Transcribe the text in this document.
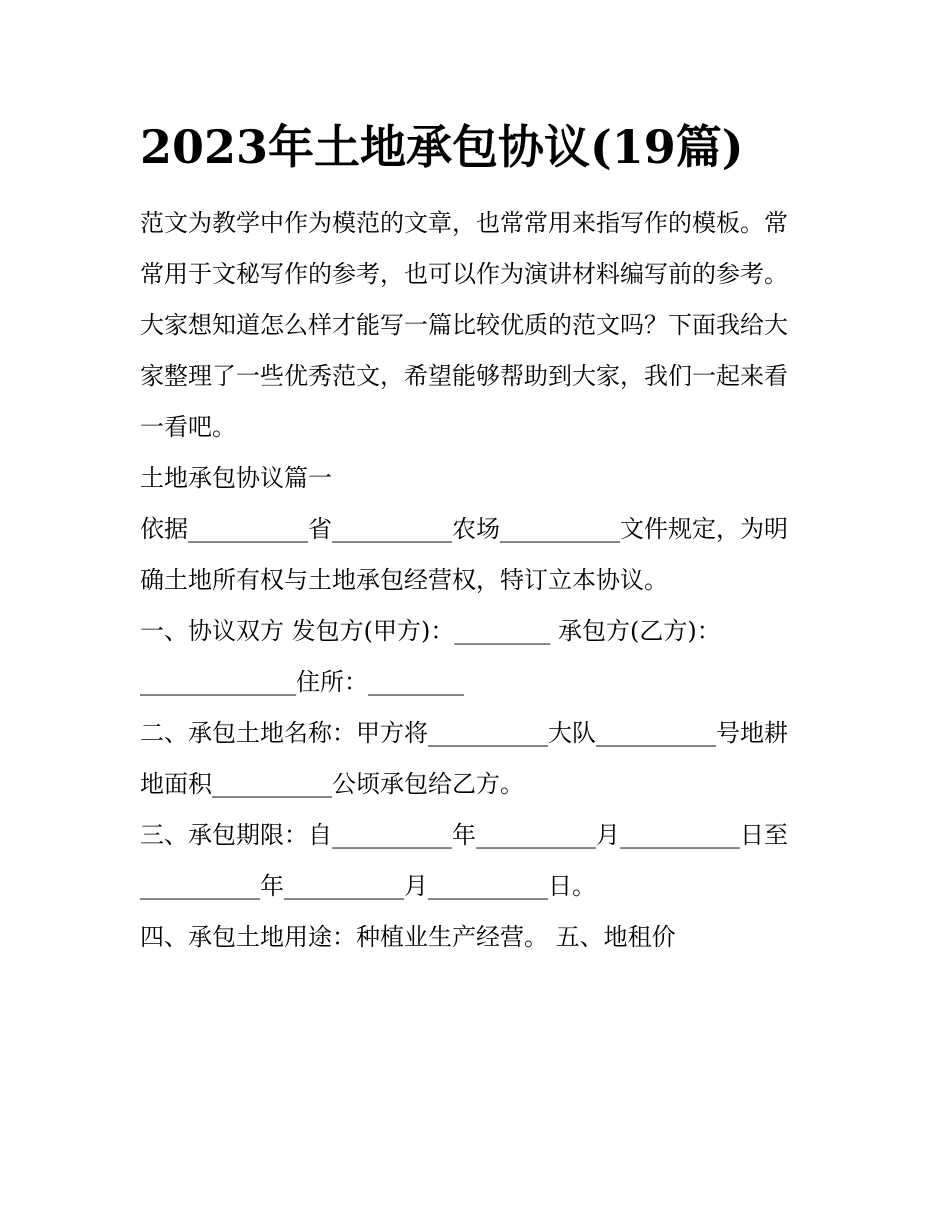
2023年土地承包协议(19篇)

范文为教学中作为模范的文章，也常常用来指写作的模板。常

常用于文秘写作的参考，也可以作为演讲材料编写前的参考。

大家想知道怎么样才能写一篇比较优质的范文吗？下面我给大

家整理了一些优秀范文，希望能够帮助到大家，我们一起来看

一看吧。

土地承包协议篇一

依据__________省__________农场__________文件规定，为明

确土地所有权与土地承包经营权，特订立本协议。

一、协议双方 发包方(甲方)：________ 承包方(乙方)：

_____________住所：________

二、承包土地名称：甲方将__________大队__________号地耕

地面积__________公顷承包给乙方。

三、承包期限：自__________年__________月__________日至

__________年__________月__________日。

四、承包土地用途：种植业生产经营。 五、地租价
